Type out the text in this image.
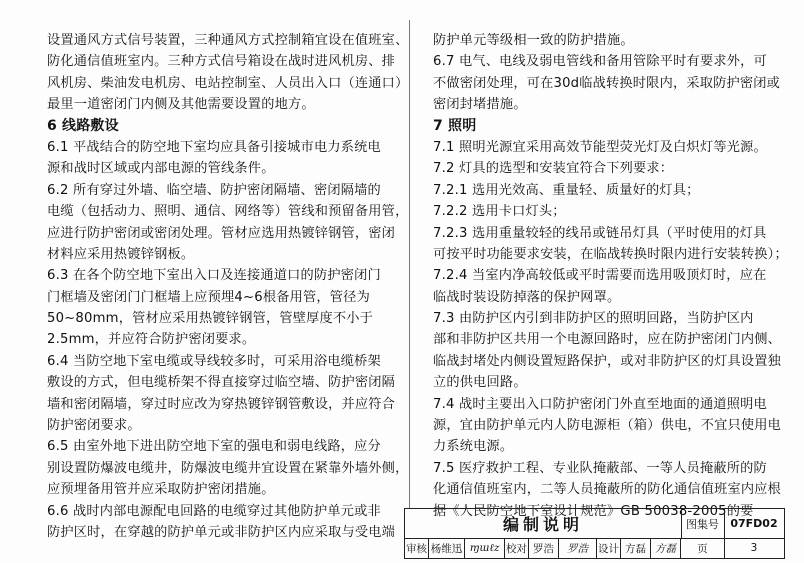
设置通风方式信号装置，三种通风方式控制箱宜设在值班室、
防化通信值班室内。三种方式信号箱设在战时进风机房、排
风机房、柴油发电机房、电站控制室、人员出入口（连通口）
最里一道密闭门内侧及其他需要设置的地方。
6 线路敷设
6.1 平战结合的防空地下室均应具备引接城市电力系统电
源和战时区域或内部电源的管线条件。
6.2 所有穿过外墙、临空墙、防护密闭隔墙、密闭隔墙的
电缆（包括动力、照明、通信、网络等）管线和预留备用管，
应进行防护密闭或密闭处理。管材应选用热镀锌钢管，密闭
材料应采用热镀锌钢板。
6.3 在各个防空地下室出入口及连接通道口的防护密闭门
门框墙及密闭门门框墙上应预埋4~6根备用管，管径为
50~80mm，管材应采用热镀锌钢管，管壁厚度不小于
2.5mm，并应符合防护密闭要求。
6.4 当防空地下室电缆或导线较多时，可采用浴电缆桥架
敷设的方式，但电缆桥架不得直接穿过临空墙、防护密闭隔
墙和密闭隔墙，穿过时应改为穿热镀锌钢管敷设，并应符合
防护密闭要求。
6.5 由室外地下进出防空地下室的强电和弱电线路，应分
别设置防爆波电缆井，防爆波电缆井宜设置在紧靠外墙外侧，
应预埋备用管并应采取防护密闭措施。
6.6 战时内部电源配电回路的电缆穿过其他防护单元或非
防护区时，在穿越的防护单元或非防护区内应采取与受电端
防护单元等级相一致的防护措施。
6.7 电气、电线及弱电管线和备用管除平时有要求外，可
不做密闭处理，可在30d临战转换时限内，采取防护密闭或
密闭封堵措施。
7 照明
7.1 照明光源宜采用高效节能型荧光灯及白炽灯等光源。
7.2 灯具的选型和安装宜符合下列要求：
7.2.1 选用光效高、重量轻、质量好的灯具；
7.2.2 选用卡口灯头；
7.2.3 选用重量较轻的线吊或链吊灯具（平时使用的灯具
可按平时功能要求安装，在临战转换时限内进行安装转换）；
7.2.4 当室内净高较低或平时需要而选用吸顶灯时，应在
临战时装设防掉落的保护网罩。
7.3 由防护区内引到非防护区的照明回路，当防护区内
部和非防护区共用一个电源回路时，应在防护密闭门内侧、
临战封堵处内侧设置短路保护，或对非防护区的灯具设置独
立的供电回路。
7.4 战时主要出入口防护密闭门外直至地面的通道照明电
源，宜由防护单元内人防电源柜（箱）供电，不宜只使用电
力系统电源。
7.5 医疗救护工程、专业队掩蔽部、一等人员掩蔽所的防
化通信值班室内，二等人员掩蔽所的防化通信值班室内应根
据《人民防空地下室设计规范》GB 50038-2005的要
编制说明	图集号	07FD02
审核 杨维迅 ɱɯℓz 校对 罗浩	罗浩 设计 方磊 方磊	页	3
